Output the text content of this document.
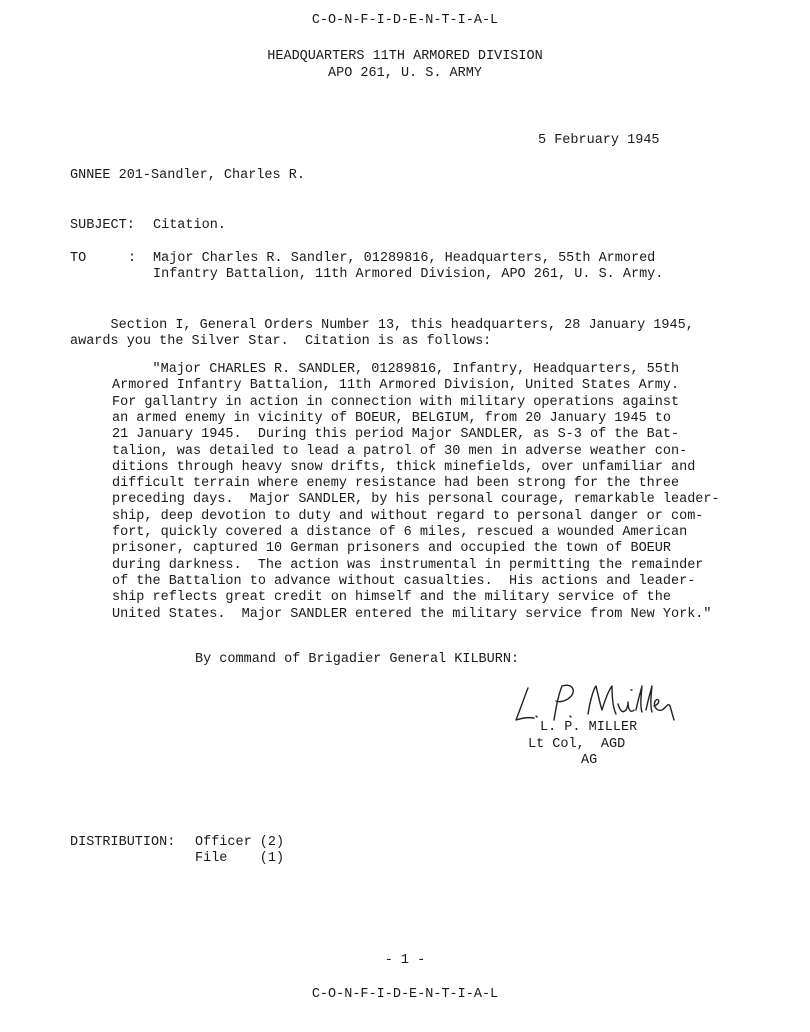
C-O-N-F-I-D-E-N-T-I-A-L
HEADQUARTERS 11TH ARMORED DIVISION
APO 261, U. S. ARMY
5 February 1945
GNNEE 201-Sandler, Charles R.
SUBJECT: Citation.
TO	: Major Charles R. Sandler, 01289816, Headquarters, 55th Armored
Infantry Battalion, 11th Armored Division, APO 261, U. S. Army.
Section I, General Orders Number 13, this headquarters, 28 January 1945,
awards you the Silver Star.  Citation is as follows:
"Major CHARLES R. SANDLER, 01289816, Infantry, Headquarters, 55th
Armored Infantry Battalion, 11th Armored Division, United States Army.
For gallantry in action in connection with military operations against
an armed enemy in vicinity of BOEUR, BELGIUM, from 20 January 1945 to
21 January 1945.  During this period Major SANDLER, as S-3 of the Bat-
talion, was detailed to lead a patrol of 30 men in adverse weather con-
ditions through heavy snow drifts, thick minefields, over unfamiliar and
difficult terrain where enemy resistance had been strong for the three
preceding days.  Major SANDLER, by his personal courage, remarkable leader-
ship, deep devotion to duty and without regard to personal danger or com-
fort, quickly covered a distance of 6 miles, rescued a wounded American
prisoner, captured 10 German prisoners and occupied the town of BOEUR
during darkness.  The action was instrumental in permitting the remainder
of the Battalion to advance without casualties.  His actions and leader-
ship reflects great credit on himself and the military service of the
United States.  Major SANDLER entered the military service from New York."
By command of Brigadier General KILBURN:
L. P. MILLER
Lt Col,  AGD
AG
DISTRIBUTION: Officer (2)
File    (1)
- 1 -
C-O-N-F-I-D-E-N-T-I-A-L
